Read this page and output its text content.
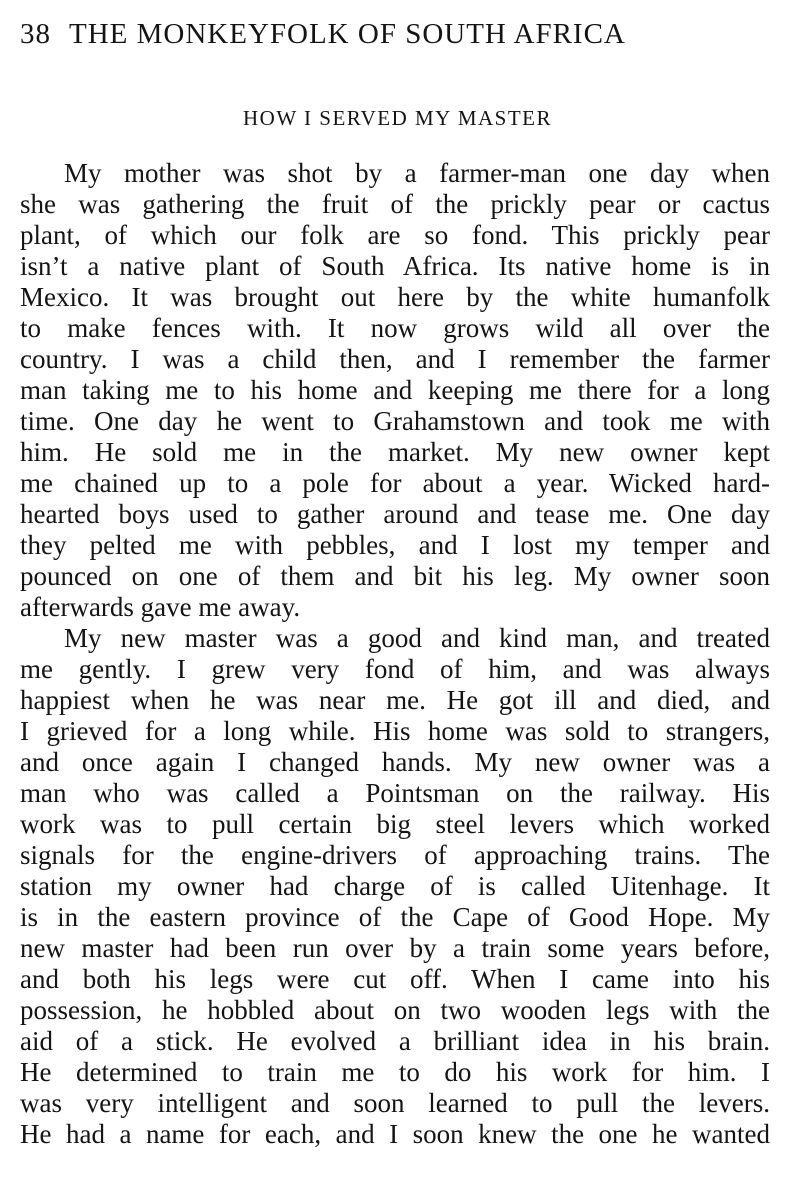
38 THE MONKEYFOLK OF SOUTH AFRICA
HOW I SERVED MY MASTER
My mother was shot by a farmer-man one day when
she was gathering the fruit of the prickly pear or cactus
plant, of which our folk are so fond. This prickly pear
isn’t a native plant of South Africa. Its native home is in
Mexico. It was brought out here by the white humanfolk
to make fences with. It now grows wild all over the
country. I was a child then, and I remember the farmer
man taking me to his home and keeping me there for a long
time. One day he went to Grahamstown and took me with
him. He sold me in the market. My new owner kept
me chained up to a pole for about a year. Wicked hard-
hearted boys used to gather around and tease me. One day
they pelted me with pebbles, and I lost my temper and
pounced on one of them and bit his leg. My owner soon
afterwards gave me away.
My new master was a good and kind man, and treated
me gently. I grew very fond of him, and was always
happiest when he was near me. He got ill and died, and
I grieved for a long while. His home was sold to strangers,
and once again I changed hands. My new owner was a
man who was called a Pointsman on the railway. His
work was to pull certain big steel levers which worked
signals for the engine-drivers of approaching trains. The
station my owner had charge of is called Uitenhage. It
is in the eastern province of the Cape of Good Hope. My
new master had been run over by a train some years before,
and both his legs were cut off. When I came into his
possession, he hobbled about on two wooden legs with the
aid of a stick. He evolved a brilliant idea in his brain.
He determined to train me to do his work for him. I
was very intelligent and soon learned to pull the levers.
He had a name for each, and I soon knew the one he wanted
